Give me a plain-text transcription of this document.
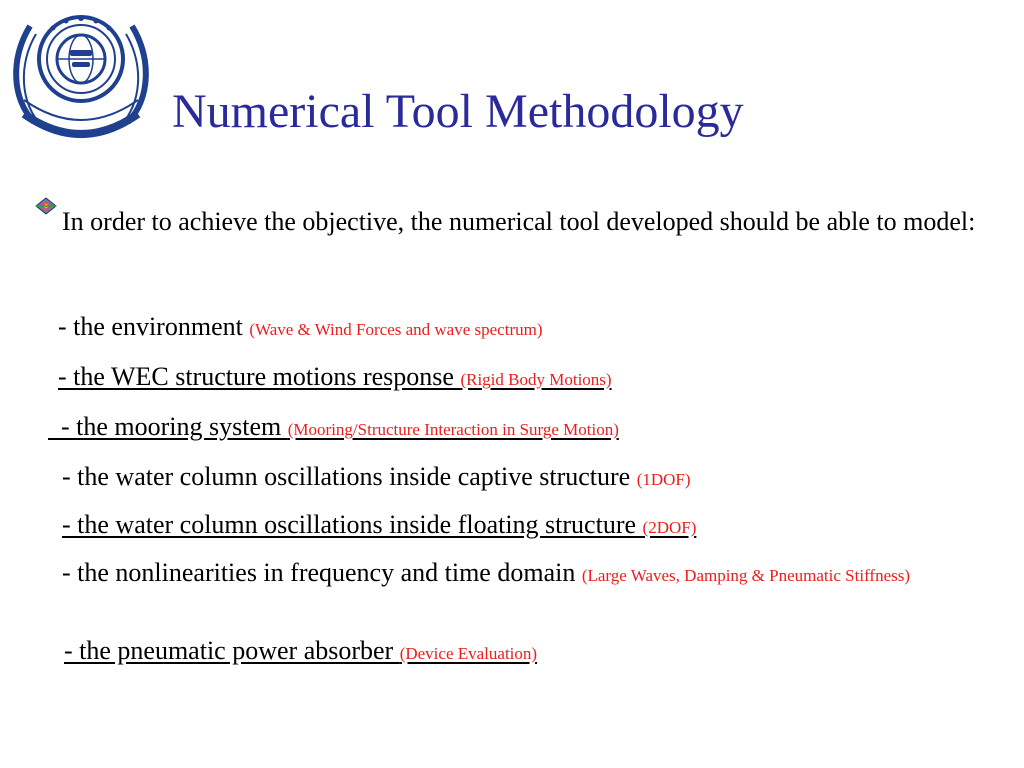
Numerical Tool Methodology

In order to achieve the objective, the numerical tool developed should be able to model:

- the environment (Wave & Wind Forces and wave spectrum)
- the WEC structure motions response (Rigid Body Motions)
- the mooring system (Mooring/Structure Interaction in Surge Motion)
- the water column oscillations inside captive structure (1DOF)
- the water column oscillations inside floating structure (2DOF)

- the nonlinearities in frequency and time domain (Large Waves, Damping & Pneumatic Stiffness)

- the pneumatic power absorber (Device Evaluation)
